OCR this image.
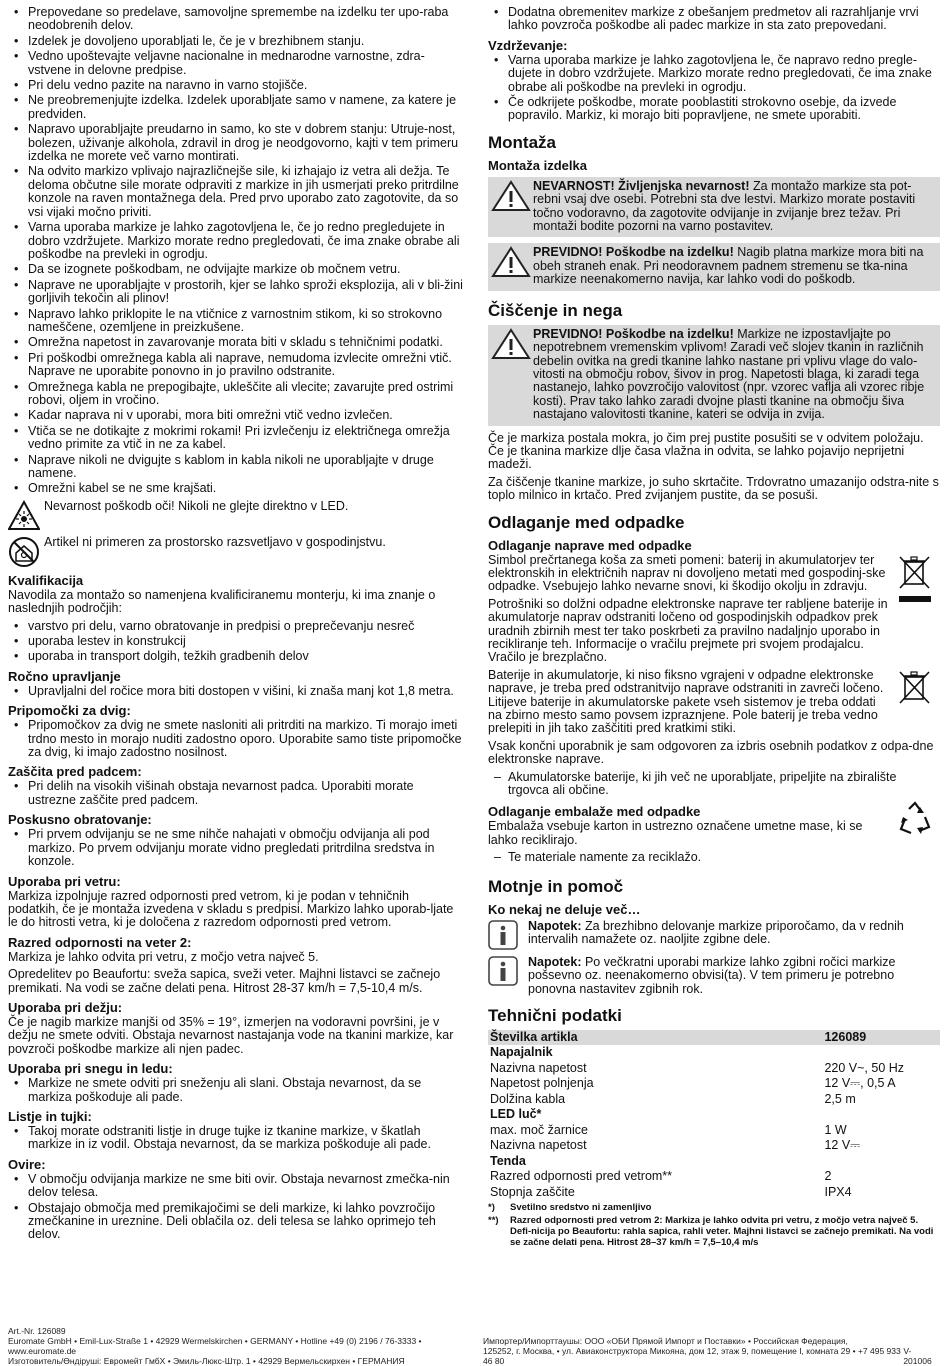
• Prepovedane so predelave, samovoljne spremembe na izdelku ter upo-raba neodobrenih delov.
• Izdelek je dovoljeno uporabljati le, če je v brezhibnem stanju.
• Vedno upoštevajte veljavne nacionalne in mednarodne varnostne, zdra-vstvene in delovne predpise.
• Pri delu vedno pazite na naravno in varno stojišče.
• Ne preobremenjujte izdelka. Izdelek uporabljate samo v namene, za katere je predviden.
• Napravo uporabljajte preudarno in samo, ko ste v dobrem stanju: Utruje-nost, bolezen, uživanje alkohola, zdravil in drog je neodgovorno, kajti v tem primeru izdelka ne morete več varno montirati.
• Na odvito markizo vplivajo najrazličnejše sile, ki izhajajo iz vetra ali dežja. Te deloma občutne sile morate odpraviti z markize in jih usmerjati preko pritrdilne konzole na raven montažnega dela. Pred prvo uporabo zato zagotovite, da so vsi vijaki močno priviti.
• Varna uporaba markize je lahko zagotovljena le, če jo redno pregledujete in dobro vzdržujete. Markizo morate redno pregledovati, če ima znake obrabe ali poškodbe na prevleki in ogrodju.
• Da se izognete poškodbam, ne odvijajte markize ob močnem vetru.
• Naprave ne uporabljajte v prostorih, kjer se lahko sproži eksplozija, ali v bli-žini gorljivih tekočin ali plinov!
• Napravo lahko priklopite le na vtičnice z varnostnim stikom, ki so strokovno nameščene, ozemljene in preizkušene.
• Omrežna napetost in zavarovanje morata biti v skladu s tehničnimi podatki.
• Pri poškodbi omrežnega kabla ali naprave, nemudoma izvlecite omrežni vtič. Naprave ne uporabite ponovno in jo pravilno odstranite.
• Omrežnega kabla ne prepogibajte, ukleščite ali vlecite; zavarujte pred ostrimi robovi, oljem in vročino.
• Kadar naprava ni v uporabi, mora biti omrežni vtič vedno izvlečen.
• Vtiča se ne dotikajte z mokrimi rokami! Pri izvlečenju iz električnega omrežja vedno primite za vtič in ne za kabel.
• Naprave nikoli ne dvigujte s kablom in kabla nikoli ne uporabljajte v druge namene.
• Omrežni kabel se ne sme krajšati.
Nevarnost poškodb oči! Nikoli ne glejte direktno v LED.
Artikel ni primeren za prostorsko razsvetljavo v gospodinjstvu.
Kvalifikacija
Navodila za montažo so namenjena kvalificiranemu monterju, ki ima znanje o naslednjih področjih:
• varstvo pri delu, varno obratovanje in predpisi o preprečevanju nesreč
• uporaba lestev in konstrukcij
• uporaba in transport dolgih, težkih gradbenih delov
Ročno upravljanje
• Upravljalni del ročice mora biti dostopen v višini, ki znaša manj kot 1,8 metra.
Pripomočki za dvig:
• Pripomočkov za dvig ne smete nasloniti ali pritrditi na markizo. Ti morajo imeti trdno mesto in morajo nuditi zadostno oporo. Uporabite samo tiste pripomočke za dvig, ki imajo zadostno nosilnost.
Zaščita pred padcem:
• Pri delih na visokih višinah obstaja nevarnost padca. Uporabiti morate ustrezne zaščite pred padcem.
Poskusno obratovanje:
• Pri prvem odvijanju se ne sme nihče nahajati v območju odvijanja ali pod markizo. Po prvem odvijanju morate vidno pregledati pritrdilna sredstva in konzole.
Uporaba pri vetru:
Markiza izpolnjuje razred odpornosti pred vetrom, ki je podan v tehničnih podatkih, če je montaža izvedena v skladu s predpisi. Markizo lahko uporab-ljate le do hitrosti vetra, ki je določena z razredom odpornosti pred vetrom.
Razred odpornosti na veter 2:
Markiza je lahko odvita pri vetru, z močjo vetra največ 5.
Opredelitev po Beaufortu: sveža sapica, sveži veter. Majhni listavci se začnejo premikati. Na vodi se začne delati pena. Hitrost 28-37 km/h = 7,5-10,4 m/s.
Uporaba pri dežju:
Če je nagib markize manjši od 35% = 19°, izmerjen na vodoravni površini, je v dežju ne smete odviti. Obstaja nevarnost nastajanja vode na tkanini markize, kar povzroči poškodbe markize ali njen padec.
Uporaba pri snegu in ledu:
• Markize ne smete odviti pri sneženju ali slani. Obstaja nevarnost, da se markiza poškoduje ali pade.
Listje in tujki:
• Takoj morate odstraniti listje in druge tujke iz tkanine markize, v škatlah markize in iz vodil. Obstaja nevarnost, da se markiza poškoduje ali pade.
Ovire:
• V območju odvijanja markize ne sme biti ovir. Obstaja nevarnost zmečka-nin delov telesa.
• Obstajajo območja med premikajočimi se deli markize, ki lahko povzročijo zmečkanine in ureznine. Deli oblačila oz. deli telesa se lahko oprimejo teh delov.
• Dodatna obremenitev markize z obešanjem predmetov ali razrahljanje vrvi lahko povzroča poškodbe ali padec markize in sta zato prepovedani.
Vzdrževanje:
• Varna uporaba markize je lahko zagotovljena le, če napravo redno pregle-dujete in dobro vzdržujete. Markizo morate redno pregledovati, če ima znake obrabe ali poškodbe na prevleki in ogrodju.
• Če odkrijete poškodbe, morate pooblastiti strokovno osebje, da izvede popravilo. Markiz, ki morajo biti popravljene, ne smete uporabiti.
Montaža
Montaža izdelka
NEVARNOST! Življenjska nevarnost! Za montažo markize sta pot-rebni vsaj dve osebi. Potrebni sta dve lestvi. Markizo morate postaviti točno vodoravno, da zagotovite odvijanje in zvijanje brez težav. Pri montaži bodite pozorni na varno postavitev.
PREVIDNO! Poškodbe na izdelku! Nagib platna markize mora biti na obeh straneh enak. Pri neodoravnem padnem stremenu se tka-nina markize neenakomerno navija, kar lahko vodi do poškodb.
Čiščenje in nega
PREVIDNO! Poškodbe na izdelku! Markize ne izpostavljajte po nepotrebnem vremenskim vplivom! Zaradi več slojev tkanin in različnih debelin ovitka na gredi tkanine lahko nastane pri vplivu vlage do valo-vitosti na območju robov, šivov in prog. Napetosti blaga, ki zaradi tega nastanejo, lahko povzročijo valovitost (npr. vzorec vaflja ali vzorec ribje kosti). Prav tako lahko zaradi dvojne plasti tkanine na območju šiva nastajano valovitosti tkanine, kateri se odvija in zvija.
Če je markiza postala mokra, jo čim prej pustite posušiti se v odvitem položaju. Če je tkanina markize dlje časa vlažna in odvita, se lahko pojavijo neprijetni madeži.
Za čiščenje tkanine markize, jo suho skrtačite. Trdovratno umazanijo odstra-nite s toplo milnico in krtačo. Pred zvijanjem pustite, da se posuši.
Odlaganje med odpadke
Odlaganje naprave med odpadke
Simbol prečrtanega koša za smeti pomeni: baterij in akumulatorjev ter elektronskih in električnih naprav ni dovoljeno metati med gospodinj-ske odpadke. Vsebujejo lahko nevarne snovi, ki škodijo okolju in zdravju.
Potrošniki so dolžni odpadne elektronske naprave ter rabljene baterije in akumulatorje naprav odstraniti ločeno od gospodinjskih odpadkov prek uradnih zbirnih mest ter tako poskrbeti za pravilno nadaljnjo uporabo in recikliranje teh. Informacije o vračilu prejmete pri svojem prodajalcu. Vračilo je brezplačno.
Baterije in akumulatorje, ki niso fiksno vgrajeni v odpadne elektronske naprave, je treba pred odstranitvijo naprave odstraniti in zavreči ločeno. Litijeve baterije in akumulatorske pakete vseh sistemov je treba oddati na zbirno mesto samo povsem izpraznjene. Pole baterij je treba vedno prelepiti in jih tako zaščititi pred kratkimi stiki.
Vsak končni uporabnik je sam odgovoren za izbris osebnih podatkov z odpa-dne elektronske naprave.
– Akumulatorske baterije, ki jih več ne uporabljate, pripeljite na zbiralište trgovca ali občine.
Odlaganje embalaže med odpadke
Embalaža vsebuje karton in ustrezno označene umetne mase, ki se lahko reciklirajo.
– Te materiale namente za reciklažo.
Motnje in pomoč
Ko nekaj ne deluje več…
Napotek: Za brezhibno delovanje markize priporočamo, da v rednih intervalih namažete oz. naoljite zgibne dele.
Napotek: Po večkratni uporabi markize lahko zgibni ročici markize pošsevno oz. neenakomerno obvisi(ta). V tem primeru je potrebno ponovna nastavitev zgibnih rok.
Tehnični podatki
Številka artikla	126089
Napajalnik	
Nazivna napetost	220 V~, 50 Hz
Napetost polnjenja	12 V⎓, 0,5 A
Dolžina kabla	2,5 m
LED luč*	
max. moč žarnice	1 W
Nazivna napetost	12 V⎓
Tenda	
Razred odpornosti pred vetrom**	2
Stopnja zaščite	IPX4
*)	Svetilno sredstvo ni zamenljivo
**)	Razred odpornosti pred vetrom 2: Markiza je lahko odvita pri vetru, z močjo vetra največ 5. Defi-nicija po Beaufortu: rahla sapica, rahli veter. Majhni listavci se začnejo premikati. Na vodi se začne delati pena. Hitrost 28–37 km/h = 7,5–10,4 m/s
Art.-Nr. 126089
Euromate GmbH • Emil-Lux-Straße 1 • 42929 Wermelskirchen • GERMANY • Hotline +49 (0) 2196 / 76-3333 • www.euromate.de
Изготовитель/Өндіруші: Евромейт ГмбХ • Эмиль-Люкс-Штр. 1 • 42929 Вермельскирхен • ГЕРМАНИЯ
Импортер/Импорттаушы: ООО «ОБИ Прямой Импорт и Поставки» • Российская Федерация,
125252, г. Москва, • ул. Авиаконструктора Микояна, дом 12, этаж 9, помещение I, комната 29 • +7 495 933 46 80
V-201006
